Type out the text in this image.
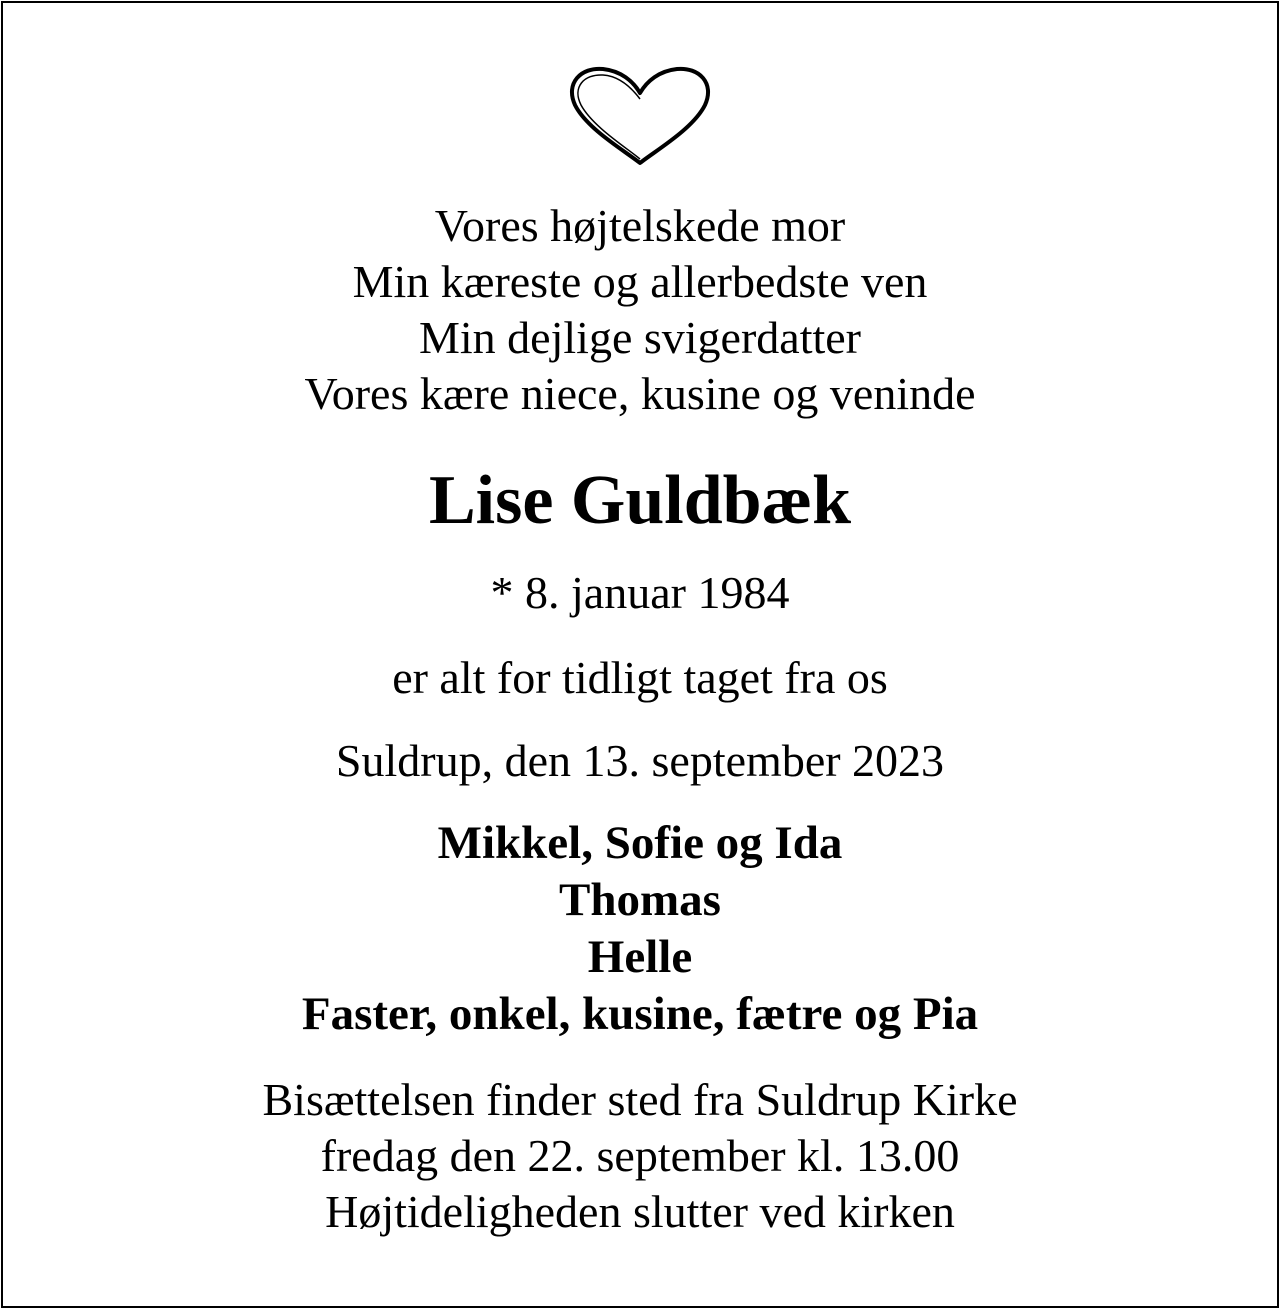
Vores højtelskede mor
Min kæreste og allerbedste ven
Min dejlige svigerdatter
Vores kære niece, kusine og veninde
Lise Guldbæk
* 8. januar 1984
er alt for tidligt taget fra os
Suldrup, den 13. september 2023
Mikkel, Sofie og Ida
Thomas
Helle
Faster, onkel, kusine, fætre og Pia
Bisættelsen finder sted fra Suldrup Kirke
fredag den 22. september kl. 13.00
Højtideligheden slutter ved kirken
